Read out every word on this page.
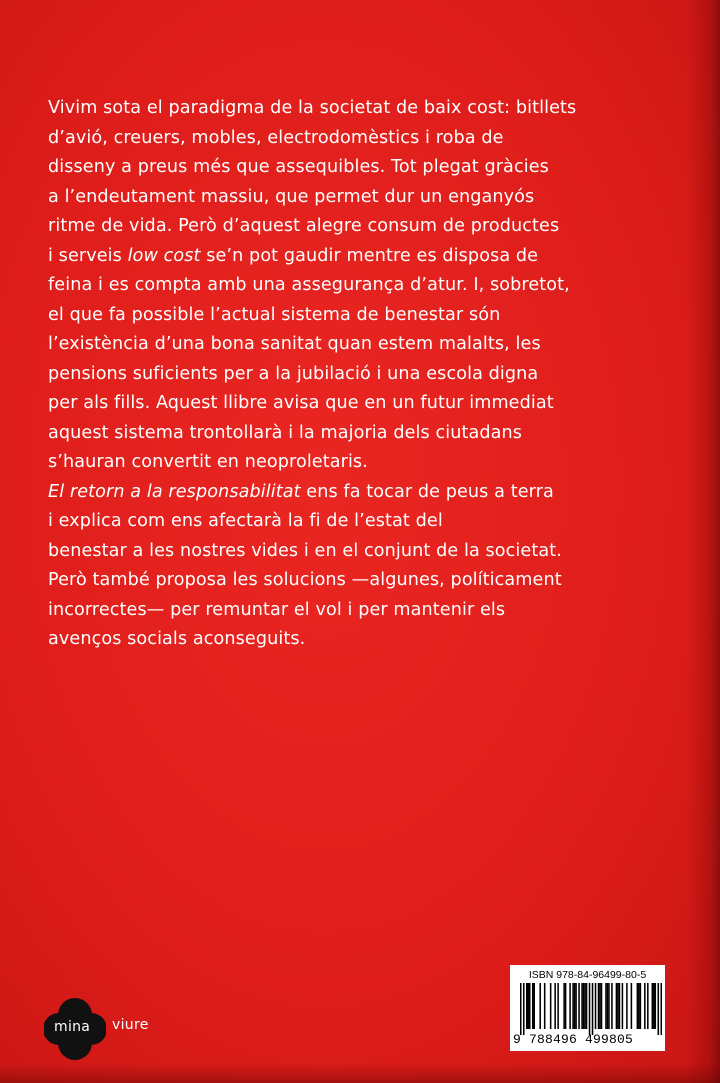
Vivim sota el paradigma de la societat de baix cost: bitllets
d’avió, creuers, mobles, electrodomèstics i roba de
disseny a preus més que assequibles. Tot plegat gràcies
a l’endeutament massiu, que permet dur un enganyós
ritme de vida. Però d’aquest alegre consum de productes
i serveis low cost se’n pot gaudir mentre es disposa de
feina i es compta amb una assegurança d’atur. I, sobretot,
el que fa possible l’actual sistema de benestar són
l’existència d’una bona sanitat quan estem malalts, les
pensions suficients per a la jubilació i una escola digna
per als fills. Aquest llibre avisa que en un futur immediat
aquest sistema trontollarà i la majoria dels ciutadans
s’hauran convertit en neoproletaris.
El retorn a la responsabilitat ens fa tocar de peus a terra
i explica com ens afectarà la fi de l’estat del
benestar a les nostres vides i en el conjunt de la societat.
Però també proposa les solucions —algunes, políticament
incorrectes— per remuntar el vol i per mantenir els
avenços socials aconseguits.
mina viure
ISBN 978-84-96499-80-5
9 788496 499805
